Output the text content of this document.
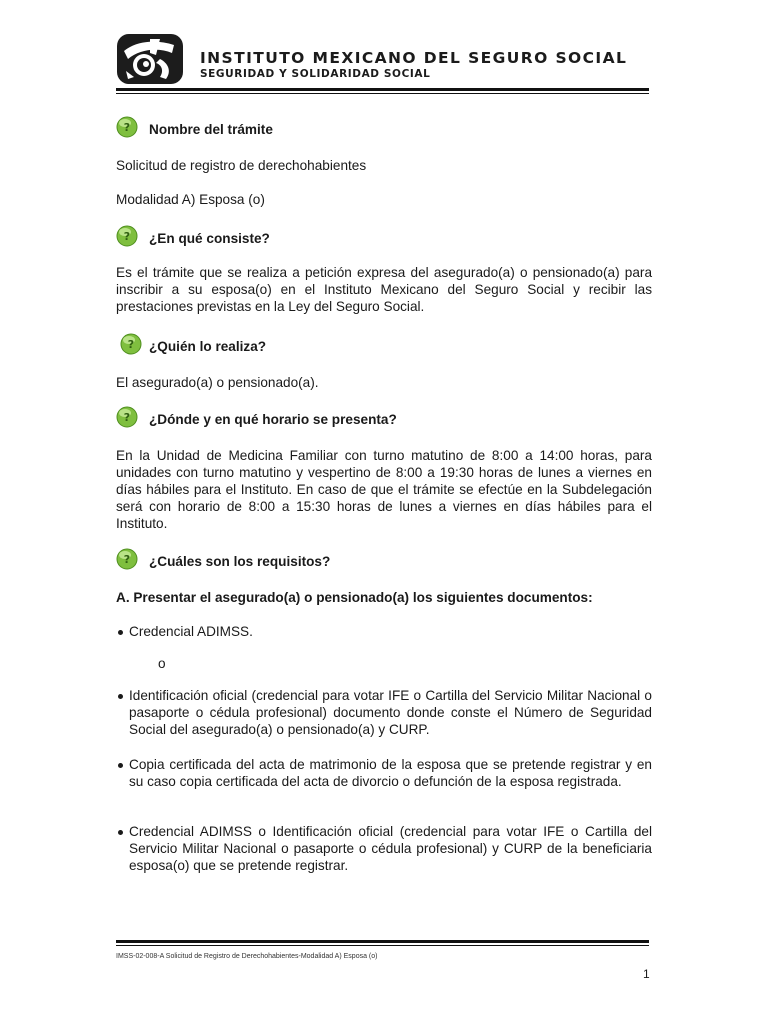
INSTITUTO MEXICANO DEL SEGURO SOCIAL
SEGURIDAD Y SOLIDARIDAD SOCIAL
? Nombre del trámite
Solicitud de registro de derechohabientes
Modalidad A) Esposa (o)
? ¿En qué consiste?
Es el trámite que se realiza a petición expresa del asegurado(a) o pensionado(a) para inscribir a su esposa(o) en el Instituto Mexicano del Seguro Social y recibir las prestaciones previstas en la Ley del Seguro Social.
? ¿Quién lo realiza?
El asegurado(a) o pensionado(a).
? ¿Dónde y en qué horario se presenta?
En la Unidad de Medicina Familiar con turno matutino de 8:00 a 14:00 horas, para unidades con turno matutino y vespertino de 8:00 a 19:30 horas de lunes a viernes en días hábiles para el Instituto. En caso de que el trámite se efectúe en la Subdelegación será con horario de 8:00 a 15:30 horas de lunes a viernes en días hábiles para el Instituto.
? ¿Cuáles son los requisitos?
A. Presentar el asegurado(a) o pensionado(a) los siguientes documentos:
Credencial ADIMSS.
o
Identificación oficial (credencial para votar IFE o Cartilla del Servicio Militar Nacional o pasaporte o cédula profesional) documento donde conste el Número de Seguridad Social del asegurado(a) o pensionado(a) y CURP.
Copia certificada del acta de matrimonio de la esposa que se pretende registrar y en su caso copia certificada del acta de divorcio o defunción de la esposa registrada.
Credencial ADIMSS o Identificación oficial (credencial para votar IFE o Cartilla del Servicio Militar Nacional o pasaporte o cédula profesional) y CURP de la beneficiaria esposa(o) que se pretende registrar.
IMSS-02-008-A Solicitud de Registro de Derechohabientes-Modalidad A) Esposa (o)
1
